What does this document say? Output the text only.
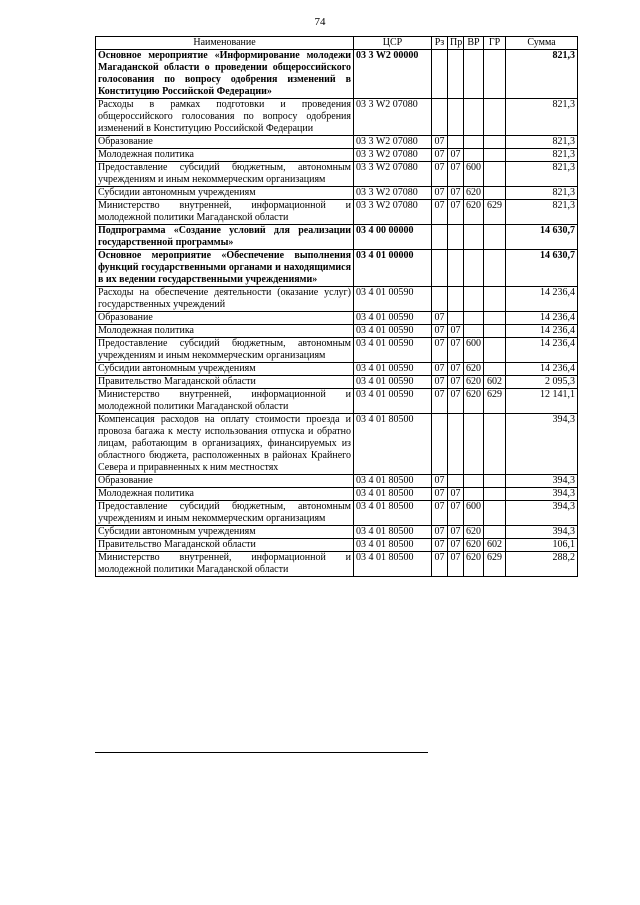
74
Наименование	ЦСР	Рз	Пр	ВР	ГР	Сумма
Основное мероприятие «Информирование молодежи Магаданской области о проведении общероссийского голосования по вопросу одобрения изменений в Конституцию Российской Федерации»	03 3 W2 00000					821,3
Расходы в рамках подготовки и проведения общероссийского голосования по вопросу одобрения изменений в Конституцию Российской Федерации	03 3 W2 07080					821,3
Образование	03 3 W2 07080	07				821,3
Молодежная политика	03 3 W2 07080	07	07			821,3
Предоставление субсидий бюджетным, автономным учреждениям и иным некоммерческим организациям	03 3 W2 07080	07	07	600		821,3
Субсидии автономным учреждениям	03 3 W2 07080	07	07	620		821,3
Министерство внутренней, информационной и молодежной политики Магаданской области	03 3 W2 07080	07	07	620	629	821,3
Подпрограмма «Создание условий для реализации государственной программы»	03 4 00 00000					14 630,7
Основное мероприятие «Обеспечение выполнения функций государственными органами и находящимися в их ведении государственными учреждениями»	03 4 01 00000					14 630,7
Расходы на обеспечение деятельности (оказание услуг) государственных учреждений	03 4 01 00590					14 236,4
Образование	03 4 01 00590	07				14 236,4
Молодежная политика	03 4 01 00590	07	07			14 236,4
Предоставление субсидий бюджетным, автономным учреждениям и иным некоммерческим организациям	03 4 01 00590	07	07	600		14 236,4
Субсидии автономным учреждениям	03 4 01 00590	07	07	620		14 236,4
Правительство Магаданской области	03 4 01 00590	07	07	620	602	2 095,3
Министерство внутренней, информационной и молодежной политики Магаданской области	03 4 01 00590	07	07	620	629	12 141,1
Компенсация расходов на оплату стоимости проезда и провоза багажа к месту использования отпуска и обратно лицам, работающим в организациях, финансируемых из областного бюджета, расположенных в районах Крайнего Севера и приравненных к ним местностях	03 4 01 80500					394,3
Образование	03 4 01 80500	07				394,3
Молодежная политика	03 4 01 80500	07	07			394,3
Предоставление субсидий бюджетным, автономным учреждениям и иным некоммерческим организациям	03 4 01 80500	07	07	600		394,3
Субсидии автономным учреждениям	03 4 01 80500	07	07	620		394,3
Правительство Магаданской области	03 4 01 80500	07	07	620	602	106,1
Министерство внутренней, информационной и молодежной политики Магаданской области	03 4 01 80500	07	07	620	629	288,2
